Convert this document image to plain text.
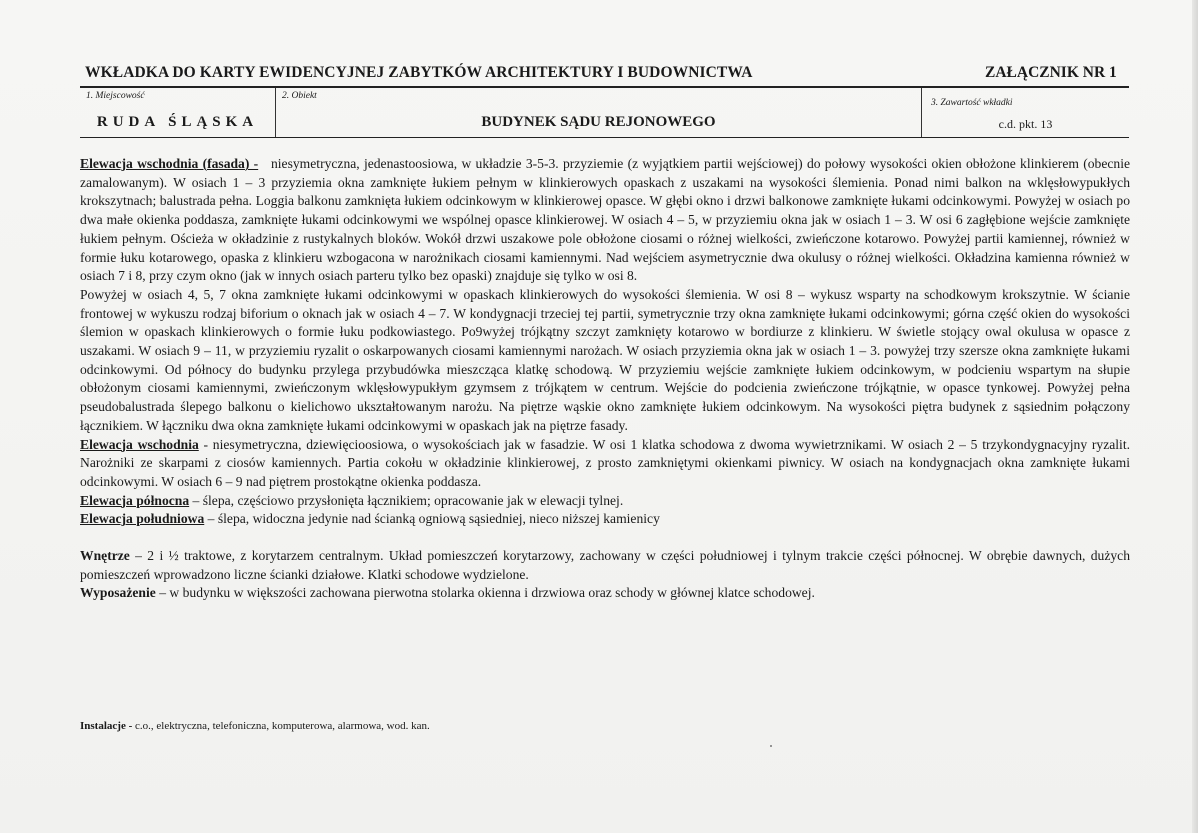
WKŁADKA DO KARTY EWIDENCYJNEJ ZABYTKÓW ARCHITEKTURY I BUDOWNICTWA	ZAŁĄCZNIK NR 1
1. Miejscowość
RUDA ŚLĄSKA
2. Obiekt
BUDYNEK SĄDU REJONOWEGO
3. Zawartość wkładki
c.d. pkt. 13

Elewacja wschodnia (fasada) - niesymetryczna, jedenastoosiowa, w układzie 3-5-3. przyziemie (z wyjątkiem partii wejściowej) do połowy wysokości okien obłożone klinkierem (obecnie zamalowanym). W osiach 1 – 3 przyziemia okna zamknięte łukiem pełnym w klinkierowych opaskach z uszakami na wysokości ślemienia. Ponad nimi balkon na wklęsłowypukłych krokszytnach; balustrada pełna. Loggia balkonu zamknięta łukiem odcinkowym w klinkierowej opasce. W głębi okno i drzwi balkonowe zamknięte łukami odcinkowymi. Powyżej w osiach po dwa małe okienka poddasza, zamknięte łukami odcinkowymi we wspólnej opasce klinkierowej. W osiach 4 – 5, w przyziemiu okna jak w osiach 1 – 3. W osi 6 zagłębione wejście zamknięte łukiem pełnym. Ościeża w okładzinie z rustykalnych bloków. Wokół drzwi uszakowe pole obłożone ciosami o różnej wielkości, zwieńczone kotarowo. Powyżej partii kamiennej, również w formie łuku kotarowego, opaska z klinkieru wzbogacona w narożnikach ciosami kamiennymi. Nad wejściem asymetrycznie dwa okulusy o różnej wielkości. Okładzina kamienna również w osiach 7 i 8, przy czym okno (jak w innych osiach parteru tylko bez opaski) znajduje się tylko w osi 8.

Powyżej w osiach 4, 5, 7 okna zamknięte łukami odcinkowymi w opaskach klinkierowych do wysokości ślemienia. W osi 8 – wykusz wsparty na schodkowym krokszytnie. W ścianie frontowej w wykuszu rodzaj biforium o oknach jak w osiach 4 – 7. W kondygnacji trzeciej tej partii, symetrycznie trzy okna zamknięte łukami odcinkowymi; górna część okien do wysokości ślemion w opaskach klinkierowych o formie łuku podkowiastego. Po9wyżej trójkątny szczyt zamknięty kotarowo w bordiurze z klinkieru. W świetle stojący owal okulusa w opasce z uszakami. W osiach 9 – 11, w przyziemiu ryzalit o oskarpowanych ciosami kamiennymi narożach. W osiach przyziemia okna jak w osiach 1 – 3. powyżej trzy szersze okna zamknięte łukami odcinkowymi. Od północy do budynku przylega przybudówka mieszcząca klatkę schodową. W przyziemiu wejście zamknięte łukiem odcinkowym, w podcieniu wspartym na słupie obłożonym ciosami kamiennymi, zwieńczonym wklęsłowypukłym gzymsem z trójkątem w centrum. Wejście do podcienia zwieńczone trójkątnie, w opasce tynkowej. Powyżej pełna pseudobalustrada ślepego balkonu o kielichowo ukształtowanym narożu. Na piętrze wąskie okno zamknięte łukiem odcinkowym. Na wysokości piętra budynek z sąsiednim połączony łącznikiem. W łączniku dwa okna zamknięte łukami odcinkowymi w opaskach jak na piętrze fasady.

Elewacja wschodnia - niesymetryczna, dziewięcioosiowa, o wysokościach jak w fasadzie. W osi 1 klatka schodowa z dwoma wywietrznikami. W osiach 2 – 5 trzykondygnacyjny ryzalit. Narożniki ze skarpami z ciosów kamiennych. Partia cokołu w okładzinie klinkierowej, z prosto zamkniętymi okienkami piwnicy. W osiach na kondygnacjach okna zamknięte łukami odcinkowymi. W osiach 6 – 9 nad piętrem prostokątne okienka poddasza.

Elewacja północna – ślepa, częściowo przysłonięta łącznikiem; opracowanie jak w elewacji tylnej.

Elewacja południowa – ślepa, widoczna jedynie nad ścianką ogniową sąsiedniej, nieco niższej kamienicy

Wnętrze – 2 i ½ traktowe, z korytarzem centralnym. Układ pomieszczeń korytarzowy, zachowany w części południowej i tylnym trakcie części północnej. W obrębie dawnych, dużych pomieszczeń wprowadzono liczne ścianki działowe. Klatki schodowe wydzielone.

Wyposażenie – w budynku w większości zachowana pierwotna stolarka okienna i drzwiowa oraz schody w głównej klatce schodowej.

Instalacje - c.o., elektryczna, telefoniczna, komputerowa, alarmowa, wod. kan.
